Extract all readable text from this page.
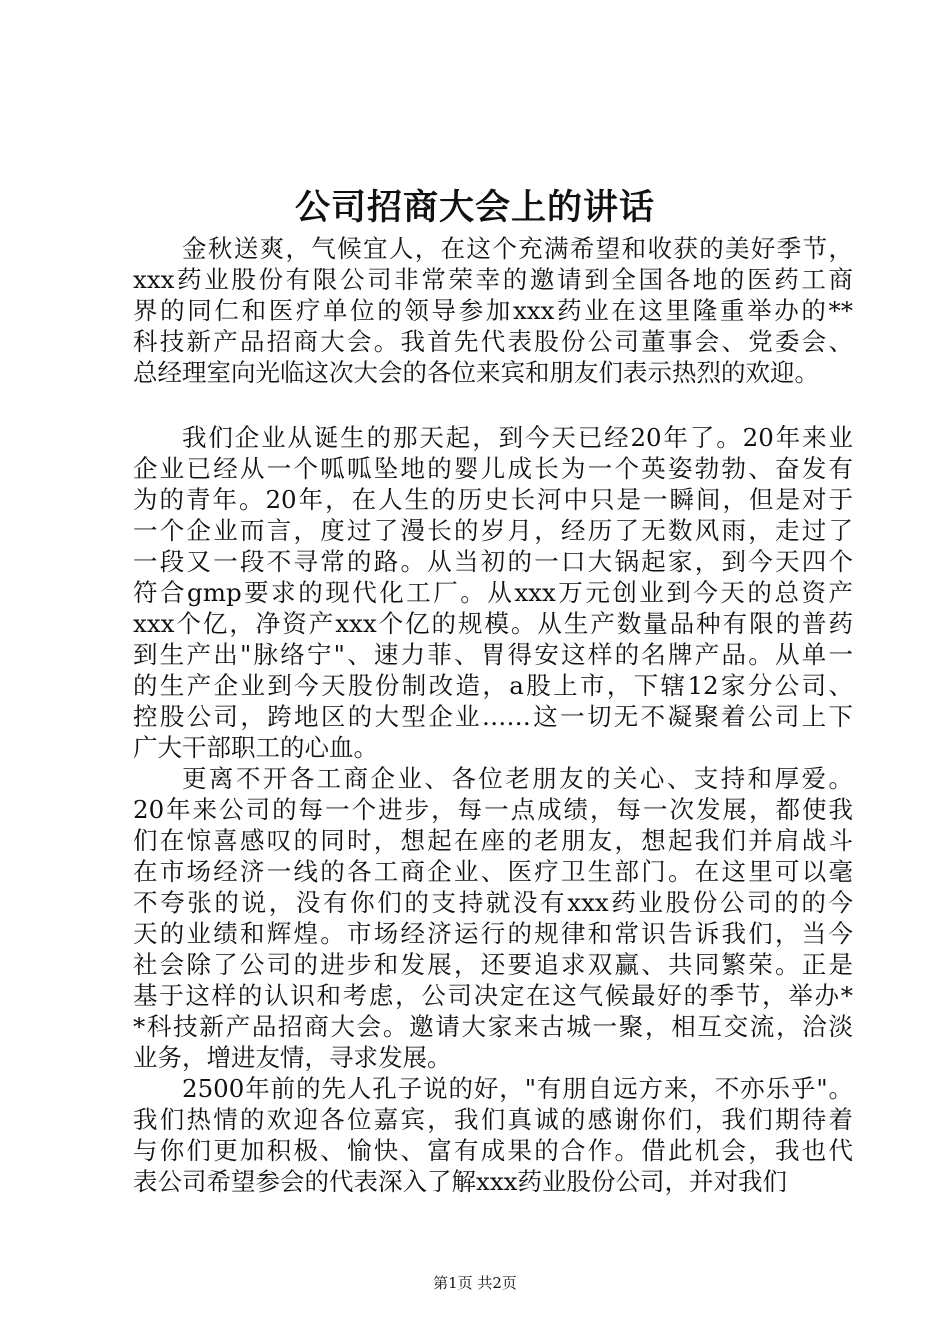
公司招商大会上的讲话
金秋送爽，气候宜人，在这个充满希望和收获的美好季节，
xxx药业股份有限公司非常荣幸的邀请到全国各地的医药工商
界的同仁和医疗单位的领导参加xxx药业在这里隆重举办的**
科技新产品招商大会。我首先代表股份公司董事会、党委会、
总经理室向光临这次大会的各位来宾和朋友们表示热烈的欢迎。
我们企业从诞生的那天起，到今天已经20年了。20年来业
企业已经从一个呱呱坠地的婴儿成长为一个英姿勃勃、奋发有
为的青年。20年，在人生的历史长河中只是一瞬间，但是对于
一个企业而言，度过了漫长的岁月，经历了无数风雨，走过了
一段又一段不寻常的路。从当初的一口大锅起家，到今天四个
符合gmp要求的现代化工厂。从xxx万元创业到今天的总资产
xxx个亿，净资产xxx个亿的规模。从生产数量品种有限的普药
到生产出"脉络宁"、速力菲、胃得安这样的名牌产品。从单一
的生产企业到今天股份制改造，a股上市，下辖12家分公司、
控股公司，跨地区的大型企业……这一切无不凝聚着公司上下
广大干部职工的心血。
更离不开各工商企业、各位老朋友的关心、支持和厚爱。
20年来公司的每一个进步，每一点成绩，每一次发展，都使我
们在惊喜感叹的同时，想起在座的老朋友，想起我们并肩战斗
在市场经济一线的各工商企业、医疗卫生部门。在这里可以毫
不夸张的说，没有你们的支持就没有xxx药业股份公司的的今
天的业绩和辉煌。市场经济运行的规律和常识告诉我们，当今
社会除了公司的进步和发展，还要追求双赢、共同繁荣。正是
基于这样的认识和考虑，公司决定在这气候最好的季节，举办*
*科技新产品招商大会。邀请大家来古城一聚，相互交流，洽淡
业务，增进友情，寻求发展。
2500年前的先人孔子说的好，"有朋自远方来，不亦乐乎"。
我们热情的欢迎各位嘉宾，我们真诚的感谢你们，我们期待着
与你们更加积极、愉快、富有成果的合作。借此机会，我也代
表公司希望参会的代表深入了解xxx药业股份公司，并对我们
第1页 共2页
